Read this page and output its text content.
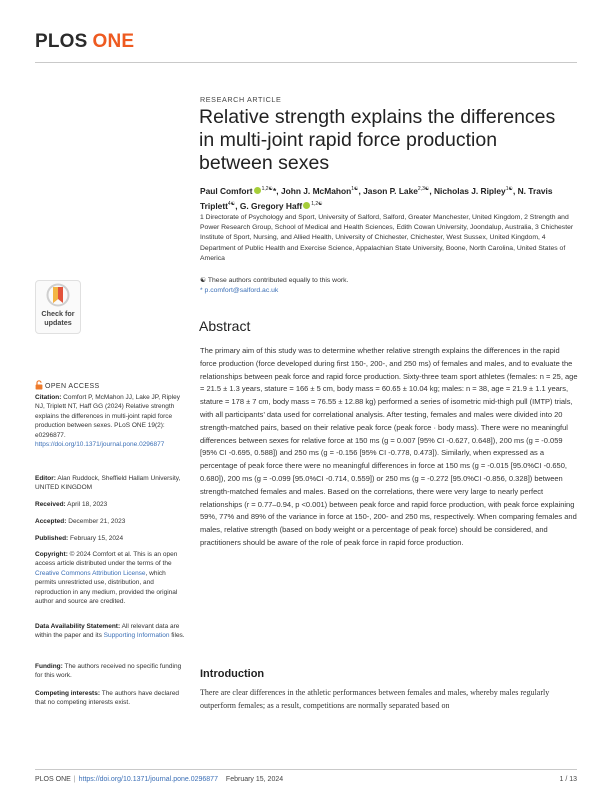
PLOS ONE
Check for
updates
OPEN ACCESS
Citation: Comfort P, McMahon JJ, Lake JP, Ripley NJ, Triplett NT, Haff GG (2024) Relative strength explains the differences in multi-joint rapid force production between sexes. PLoS ONE 19(2): e0296877. https://doi.org/10.1371/journal.pone.0296877
Editor: Alan Ruddock, Sheffield Hallam University, UNITED KINGDOM
Received: April 18, 2023
Accepted: December 21, 2023
Published: February 15, 2024
Copyright: © 2024 Comfort et al. This is an open access article distributed under the terms of the Creative Commons Attribution License, which permits unrestricted use, distribution, and reproduction in any medium, provided the original author and source are credited.
Data Availability Statement: All relevant data are within the paper and its Supporting Information files.
Funding: The authors received no specific funding for this work.
Competing interests: The authors have declared that no competing interests exist.
RESEARCH ARTICLE
Relative strength explains the differences in multi-joint rapid force production between sexes
Paul Comfort $^{1,2☯}$*, John J. McMahon$^{1☯}$, Jason P. Lake$^{2,3☯}$, Nicholas J. Ripley$^{1☯}$, N. Travis Triplett$^{4☯}$, G. Gregory Haff $^{1,2☯}$
1 Directorate of Psychology and Sport, University of Salford, Salford, Greater Manchester, United Kingdom, 2 Strength and Power Research Group, School of Medical and Health Sciences, Edith Cowan University, Joondalup, Australia, 3 Chichester Institute of Sport, Nursing, and Allied Health, University of Chichester, Chichester, West Sussex, United Kingdom, 4 Department of Public Health and Exercise Science, Appalachian State University, Boone, North Carolina, United States of America
☯ These authors contributed equally to this work.
* p.comfort@salford.ac.uk
Abstract
The primary aim of this study was to determine whether relative strength explains the differences in the rapid force production (force developed during first 150-, 200-, and 250 ms) of females and males, and to evaluate the relationships between peak force and rapid force production. Sixty-three team sport athletes (females: n = 25, age = 21.5 ± 1.3 years, stature = 166 ± 5 cm, body mass = 60.65 ± 10.04 kg; males: n = 38, age = 21.9 ± 1.1 years, stature = 178 ± 7 cm, body mass = 76.55 ± 12.88 kg) performed a series of isometric mid-thigh pull (IMTP) trials, with all participants’ data used for correlational analysis. After testing, females and males were divided into 20 strength-matched pairs, based on their relative peak force (peak force · body mass). There were no meaningful differences between sexes for relative force at 150 ms (g = 0.007 [95% CI -0.627, 0.648]), 200 ms (g = -0.059 [95% CI -0.695, 0.588]) and 250 ms (g = -0.156 [95% CI -0.778, 0.473]). Similarly, when expressed as a percentage of peak force there were no meaningful differences in force at 150 ms (g = -0.015 [95.0%CI -0.650, 0.680]), 200 ms (g = -0.099 [95.0%CI -0.714, 0.559]) or 250 ms (g = -0.272 [95.0%CI -0.856, 0.328]) between strength-matched females and males. Based on the correlations, there were very large to nearly perfect relationships (r = 0.77–0.94, p <0.001) between peak force and rapid force production, with peak force explaining 59%, 77% and 89% of the variance in force at 150-, 200- and 250 ms, respectively. When comparing females and males, relative strength (based on body weight or a percentage of peak force) should be considered, and practitioners should be aware of the role of peak force in rapid force production.
Introduction
There are clear differences in the athletic performances between females and males, whereby males regularly outperform females; as a result, competitions are normally separated based on
PLOS ONE | https://doi.org/10.1371/journal.pone.0296877 February 15, 2024	1 / 13
